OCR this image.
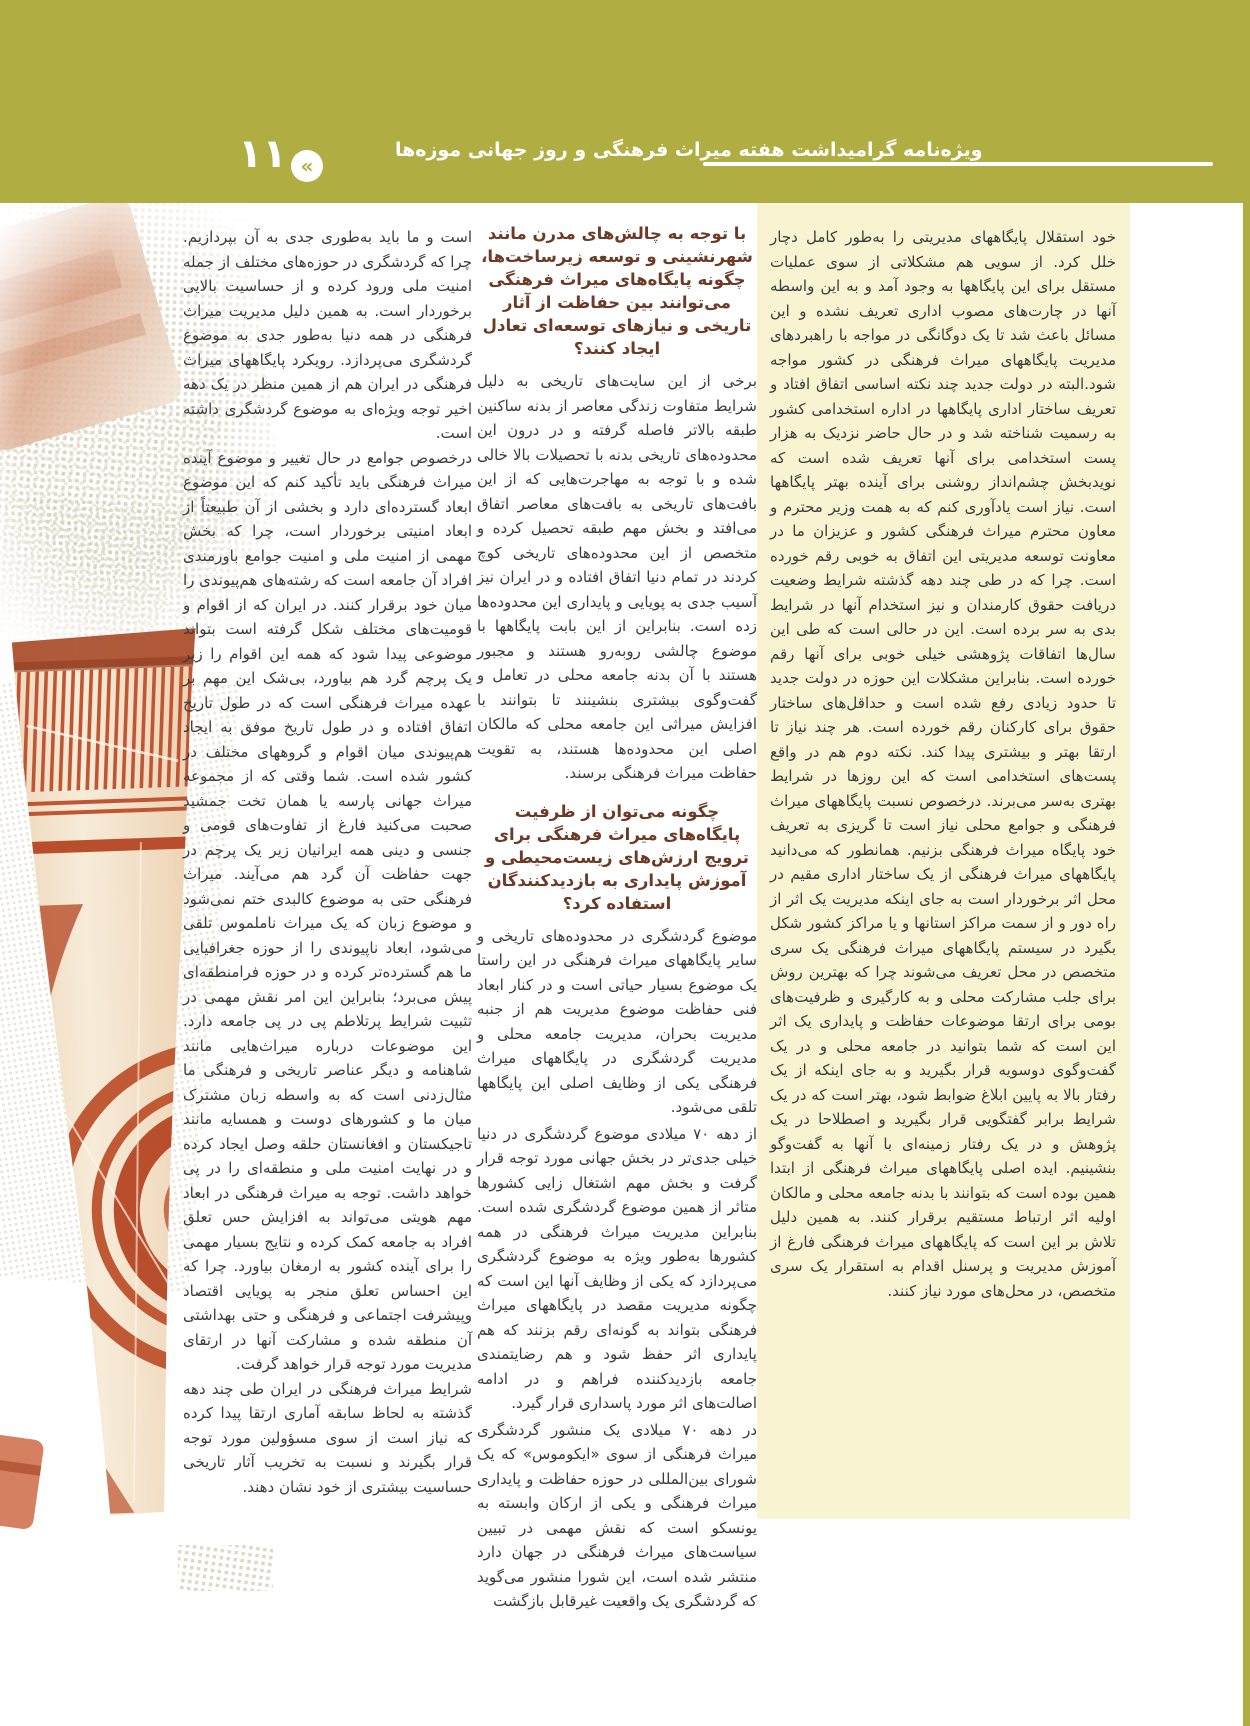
۱۱ «
ویژه‌نامه گرامیداشت هفته میراث فرهنگی و روز جهانی موزه‌ها

خود استقلال پایگاههای مدیریتی را به‌طور کامل دچار خلل کرد. از سویی هم مشکلاتی از سوی عملیات مستقل برای این پایگاهها به وجود آمد و به این واسطه آنها در چارت‌های مصوب اداری تعریف نشده و این مسائل باعث شد تا یک دوگانگی در مواجه با راهبردهای مدیریت پایگاههای میراث فرهنگی در کشور مواجه شود.البته در دولت جدید چند نکته اساسی اتفاق افتاد و تعریف ساختار اداری پایگاهها در اداره استخدامی کشور به رسمیت شناخته شد و در حال حاضر نزدیک به هزار پست استخدامی برای آنها تعریف شده است که نویدبخش چشم‌انداز روشنی برای آینده بهتر پایگاهها است. نیاز است یادآوری کنم که به همت وزیر محترم و معاون محترم میراث فرهنگی کشور و عزیزان ما در معاونت توسعه مدیریتی این اتفاق به خوبی رقم خورده است. چرا که در طی چند دهه گذشته شرایط وضعیت دریافت حقوق کارمندان و نیز استخدام آنها در شرایط بدی به سر برده است. این در حالی است که طی این سال‌ها اتفاقات پژوهشی خیلی خوبی برای آنها رقم خورده است. بنابراین مشکلات این حوزه در دولت جدید تا حدود زیادی رفع شده است و حداقل‌های ساختار حقوق برای کارکنان رقم خورده است. هر چند نیاز تا ارتقا بهتر و بیشتری پیدا کند. نکته دوم هم در واقع پست‌های استخدامی است که این روزها در شرایط بهتری به‌سر می‌برند. درخصوص نسبت پایگاههای میراث فرهنگی و جوامع محلی نیاز است تا گریزی به تعریف خود پایگاه میراث فرهنگی بزنیم. همانطور که می‌دانید پایگاههای میراث فرهنگی از یک ساختار اداری مقیم در محل اثر برخوردار است به جای اینکه مدیریت یک اثر از راه دور و از سمت مراکز استانها و یا مراکز کشور شکل بگیرد در سیستم پایگاههای میراث فرهنگی یک سری متخصص در محل تعریف می‌شوند چرا که بهترین روش برای جلب مشارکت محلی و به کارگیری و ظرفیت‌های بومی برای ارتقا موضوعات حفاظت و پایداری یک اثر این است که شما بتوانید در جامعه محلی و در یک گفت‌وگوی دوسویه قرار بگیرید و به جای اینکه از یک رفتار بالا به پایین ابلاغ ضوابط شود، بهتر است که در یک شرایط برابر گفتگویی قرار بگیرید و اصطلاحا در یک پژوهش و در یک رفتار زمینه‌ای با آنها به گفت‌وگو بنشینیم. ایده اصلی پایگاههای میراث فرهنگی از ابتدا همین بوده است که بتوانند با بدنه جامعه محلی و مالکان اولیه اثر ارتباط مستقیم برقرار کنند. به همین دلیل تلاش بر این است که پایگاههای میراث فرهنگی فارغ از آموزش مدیریت و پرسنل اقدام به استقرار یک سری متخصص، در محل‌های مورد نیاز کنند.

با توجه به چالش‌های مدرن مانند شهرنشینی و توسعه زیرساخت‌ها، چگونه پایگاه‌های میراث فرهنگی می‌توانند بین حفاظت از آثار تاریخی و نیازهای توسعه‌ای تعادل ایجاد کنند؟

برخی از این سایت‌های تاریخی به دلیل شرایط متفاوت زندگی معاصر از بدنه ساکنین طبقه بالاتر فاصله گرفته و در درون این محدوده‌های تاریخی بدنه با تحصیلات بالا خالی شده و با توجه به مهاجرت‌هایی که از این بافت‌های تاریخی به بافت‌های معاصر اتفاق می‌افتد و بخش مهم طبقه تحصیل کرده و متخصص از این محدوده‌های تاریخی کوچ کردند در تمام دنیا اتفاق افتاده و در ایران نیز آسیب جدی به پویایی و پایداری این محدوده‌ها زده است. بنابراین از این بابت پایگاهها با موضوع چالشی روبه‌رو هستند و مجبور هستند با آن بدنه جامعه محلی در تعامل و گفت‌وگوی بیشتری بنشینند تا بتوانند با افزایش میراثی این جامعه محلی که مالکان اصلی این محدوده‌ها هستند، به تقویت حفاظت میراث فرهنگی برسند.

چگونه می‌توان از ظرفیت پایگاه‌های میراث فرهنگی برای ترویج ارزش‌های زیست‌محیطی و آموزش پایداری به بازدیدکنندگان استفاده کرد؟

موضوع گردشگری در محدوده‌های تاریخی و سایر پایگاههای میراث فرهنگی در این راستا یک موضوع بسیار حیاتی است و در کنار ابعاد فنی حفاظت موضوع مدیریت هم از جنبه مدیریت بحران، مدیریت جامعه محلی و مدیریت گردشگری در پایگاههای میراث فرهنگی یکی از وظایف اصلی این پایگاهها تلقی می‌شود.

از دهه ۷۰ میلادی موضوع گردشگری در دنیا خیلی جدی‌تر در بخش جهانی مورد توجه قرار گرفت و بخش مهم اشتغال زایی کشورها متاثر از همین موضوع گردشگری شده است. بنابراین مدیریت میراث فرهنگی در همه کشورها به‌طور ویژه به موضوع گردشگری می‌پردازد که یکی از وظایف آنها این است که چگونه مدیریت مقصد در پایگاههای میراث فرهنگی بتواند به گونه‌ای رقم بزنند که هم پایداری اثر حفظ شود و هم رضایتمندی جامعه بازدیدکننده فراهم و در ادامه اصالت‌های اثر مورد پاسداری قرار گیرد.

در دهه ۷۰ میلادی یک منشور گردشگری میراث فرهنگی از سوی «ایکوموس» که یک شورای بین‌المللی در حوزه حفاظت و پایداری میراث فرهنگی و یکی از ارکان وابسته به یونسکو است که نقش مهمی در تبیین سیاست‌های میراث فرهنگی در جهان دارد منتشر شده است، این شورا منشور می‌گوید که گردشگری یک واقعیت غیرقابل بازگشت

است و ما باید به‌طوری جدی به آن بپردازیم. چرا که گردشگری در حوزه‌های مختلف از جمله امنیت ملی ورود کرده و از حساسیت بالایی برخوردار است. به همین دلیل مدیریت میراث فرهنگی در همه دنیا به‌طور جدی به موضوع گردشگری می‌پردازد. رویکرد پایگاههای میراث فرهنگی در ایران هم از همین منظر در یک دهه اخیر توجه ویژه‌ای به موضوع گردشگری داشته است.

درخصوص جوامع در حال تغییر و موضوع آینده میراث فرهنگی باید تأکید کنم که این موضوع ابعاد گسترده‌ای دارد و بخشی از آن طبیعتاً از ابعاد امنیتی برخوردار است، چرا که بخش مهمی از امنیت ملی و امنیت جوامع باورمندی افراد آن جامعه است که رشته‌های هم‌پیوندی را میان خود برقرار کنند. در ایران که از اقوام و قومیت‌های مختلف شکل گرفته است بتواند موضوعی پیدا شود که همه این اقوام را زیر یک پرچم گرد هم بیاورد، بی‌شک این مهم بر عهده میراث فرهنگی است که در طول تاریخ اتفاق افتاده و در طول تاریخ موفق به ایجاد هم‌پیوندی میان اقوام و گروههای مختلف در کشور شده است. شما وقتی که از مجموعه میراث جهانی پارسه یا همان تخت جمشید صحبت می‌کنید فارغ از تفاوت‌های قومی و جنسی و دینی همه ایرانیان زیر یک پرچم در جهت حفاظت آن گرد هم می‌آیند. میراث فرهنگی حتی به موضوع کالبدی ختم نمی‌شود و موضوع زبان که یک میراث ناملموس تلقی می‌شود، ابعاد ناپیوندی را از حوزه جغرافیایی ما هم گسترده‌تر کرده و در حوزه فرامنطقه‌ای پیش می‌برد؛ بنابراین این امر نقش مهمی در تثبیت شرایط پرتلاطم پی در پی جامعه دارد. این موضوعات درباره میراث‌هایی مانند شاهنامه و دیگر عناصر تاریخی و فرهنگی ما مثال‌زدنی است که به واسطه زبان مشترک میان ما و کشورهای دوست و همسایه مانند تاجیکستان و افغانستان حلقه وصل ایجاد کرده و در نهایت امنیت ملی و منطقه‌ای را در پی خواهد داشت. توجه به میراث فرهنگی در ابعاد مهم هویتی می‌تواند به افزایش حس تعلق افراد به جامعه کمک کرده و نتایج بسیار مهمی را برای آینده کشور به ارمغان بیاورد. چرا که این احساس تعلق منجر به پویایی اقتصاد وپیشرفت اجتماعی و فرهنگی و حتی بهداشتی آن منطقه شده و مشارکت آنها در ارتقای مدیریت مورد توجه قرار خواهد گرفت.

شرایط میراث فرهنگی در ایران طی چند دهه گذشته به لحاظ سابقه آماری ارتقا پیدا کرده که نیاز است از سوی مسؤولین مورد توجه قرار بگیرند و نسبت به تخریب آثار تاریخی حساسیت بیشتری از خود نشان دهند.
